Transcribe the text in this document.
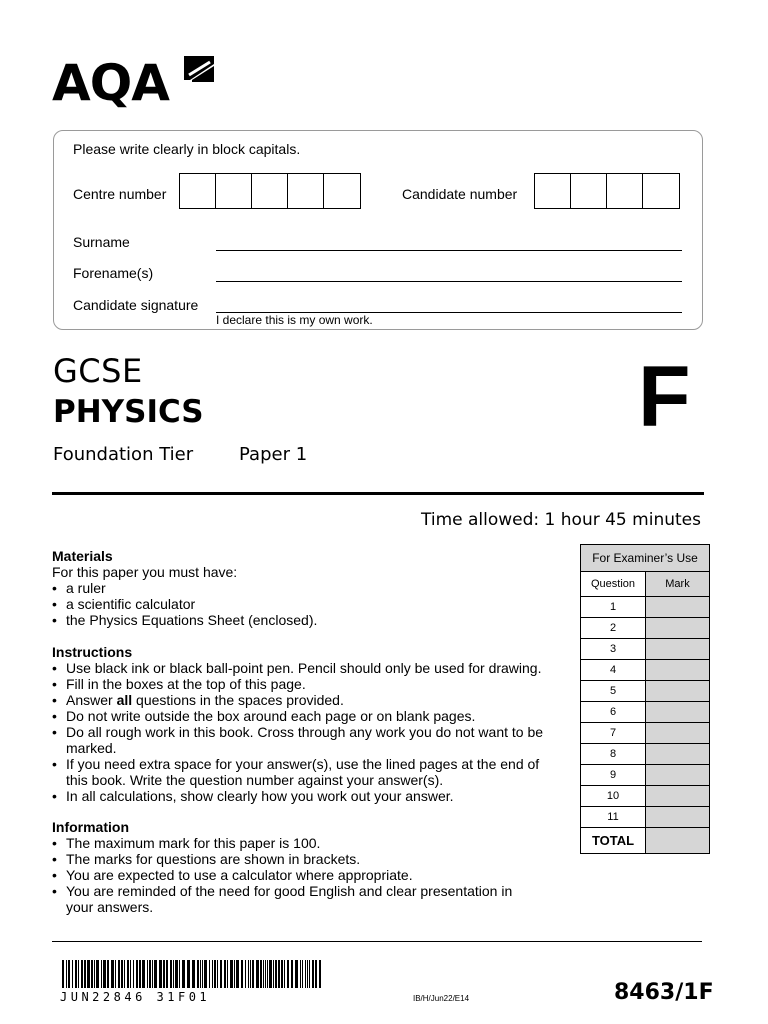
AQA
Please write clearly in block capitals.
Centre number	Candidate number
Surname
Forename(s)
Candidate signature
I declare this is my own work.
GCSE
PHYSICS
Foundation Tier	Paper 1
F
Time allowed: 1 hour 45 minutes
Materials
For this paper you must have:
• a ruler
• a scientific calculator
• the Physics Equations Sheet (enclosed).
Instructions
• Use black ink or black ball-point pen. Pencil should only be used for drawing.
• Fill in the boxes at the top of this page.
• Answer all questions in the spaces provided.
• Do not write outside the box around each page or on blank pages.
• Do all rough work in this book. Cross through any work you do not want to be marked.
• If you need extra space for your answer(s), use the lined pages at the end of this book. Write the question number against your answer(s).
• In all calculations, show clearly how you work out your answer.
Information
• The maximum mark for this paper is 100.
• The marks for questions are shown in brackets.
• You are expected to use a calculator where appropriate.
• You are reminded of the need for good English and clear presentation in your answers.
For Examiner’s Use	
Question	Mark
1	
2	
3	
4	
5	
6	
7	
8	
9	
10	
11	
TOTAL	
JUN22846 31F01	IB/H/Jun22/E14	8463/1F
